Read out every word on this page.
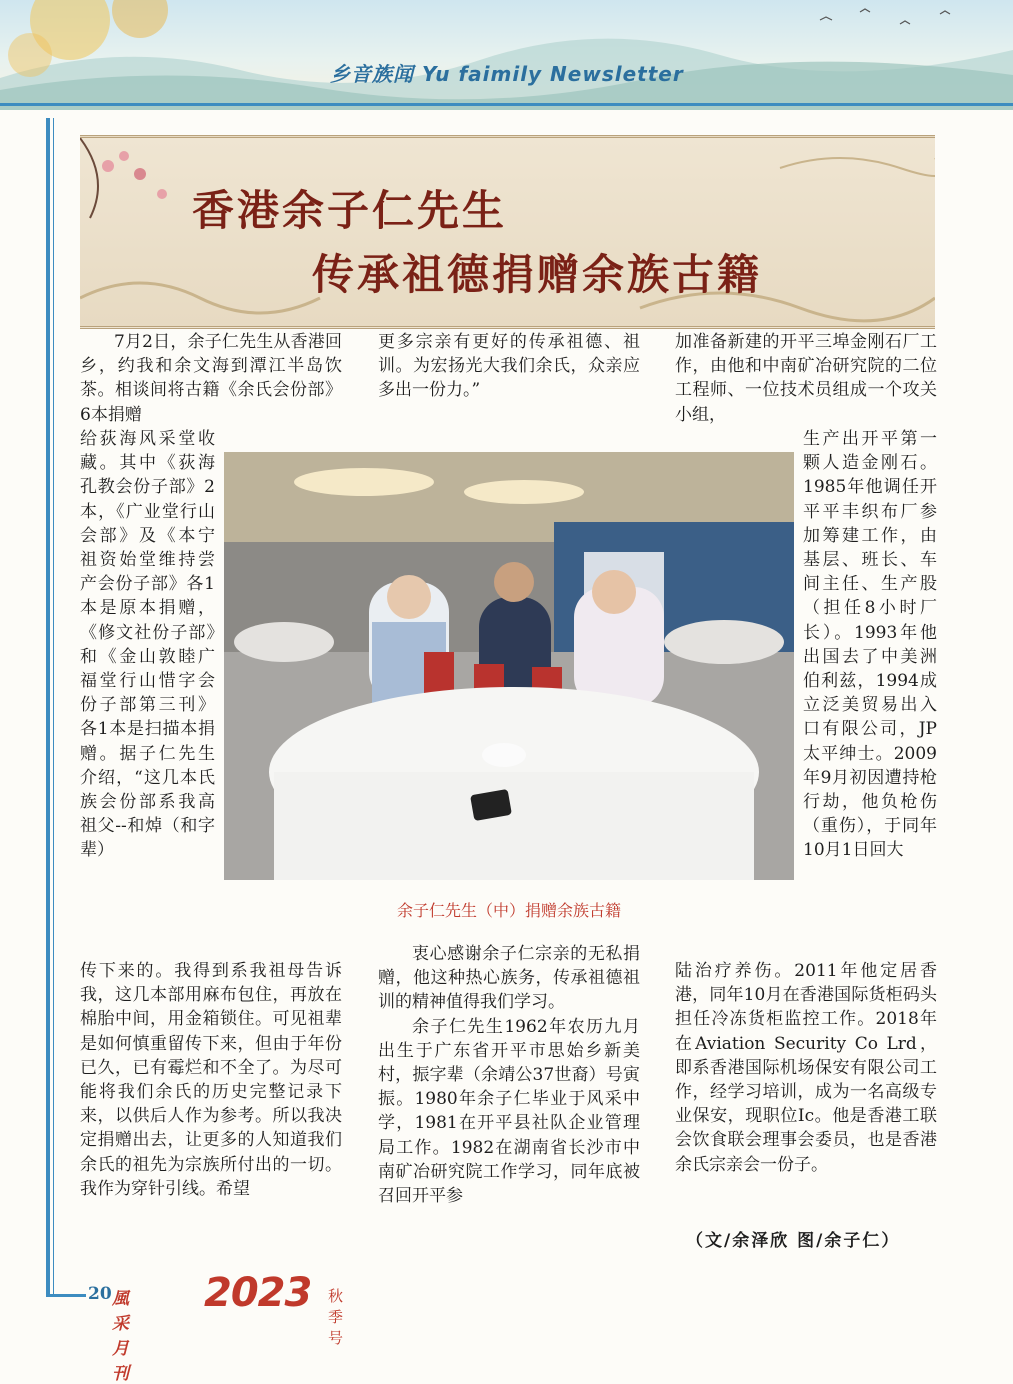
乡音族闻 Yu faimily Newsletter
香港余子仁先生
传承祖德捐赠余族古籍
7月2日，余子仁先生从香港回乡，约我和余文海到潭江半岛饮茶。相谈间将古籍《余氏会份部》6本捐赠
给荻海风采堂收藏。其中《荻海孔教会份子部》2本，《广业堂行山会部》及《本宁祖资始堂维持尝产会份子部》各1本是原本捐赠，《修文社份子部》和《金山敦睦广福堂行山惜字会份子部第三刊》各1本是扫描本捐赠。据子仁先生介绍，“这几本氏族会份部系我高祖父--和焯（和字辈）
传下来的。我得到系我祖母告诉我，这几本部用麻布包住，再放在棉胎中间，用金箱锁住。可见祖辈是如何慎重留传下来，但由于年份已久，已有霉烂和不全了。为尽可能将我们余氏的历史完整记录下来，以供后人作为参考。所以我决定捐赠出去，让更多的人知道我们余氏的祖先为宗族所付出的一切。我作为穿针引线。希望
更多宗亲有更好的传承祖德、祖训。为宏扬光大我们余氏，众亲应多出一份力。”
衷心感谢余子仁宗亲的无私捐赠，他这种热心族务，传承祖德祖训的精神值得我们学习。
余子仁先生1962年农历九月出生于广东省开平市思始乡新美村，振字辈（余靖公37世裔）号寅振。1980年余子仁毕业于风采中学，1981在开平县社队企业管理局工作。1982在湖南省长沙市中南矿冶研究院工作学习，同年底被召回开平参
加准备新建的开平三埠金刚石厂工作，由他和中南矿冶研究院的二位工程师、一位技术员组成一个攻关小组，
生产出开平第一颗人造金刚石。1985年他调任开平平丰织布厂参加筹建工作，由基层、班长、车间主任、生产股（担任8小时厂长）。1993年他出国去了中美洲伯利兹，1994成立泛美贸易出入口有限公司，JP太平绅士。2009年9月初因遭持枪行劫，他负枪伤（重伤），于同年10月1日回大
陆治疗养伤。2011年他定居香港，同年10月在香港国际货柜码头担任冷冻货柜监控工作。2018年在Aviation Security Co Lrd，即系香港国际机场保安有限公司工作，经学习培训，成为一名高级专业保安，现职位Ic。他是香港工联会饮食联会理事会委员，也是香港余氏宗亲会一份子。
余子仁先生（中）捐赠余族古籍
（文/余泽欣 图/余子仁）
20 風采月刊
2023 秋季号
